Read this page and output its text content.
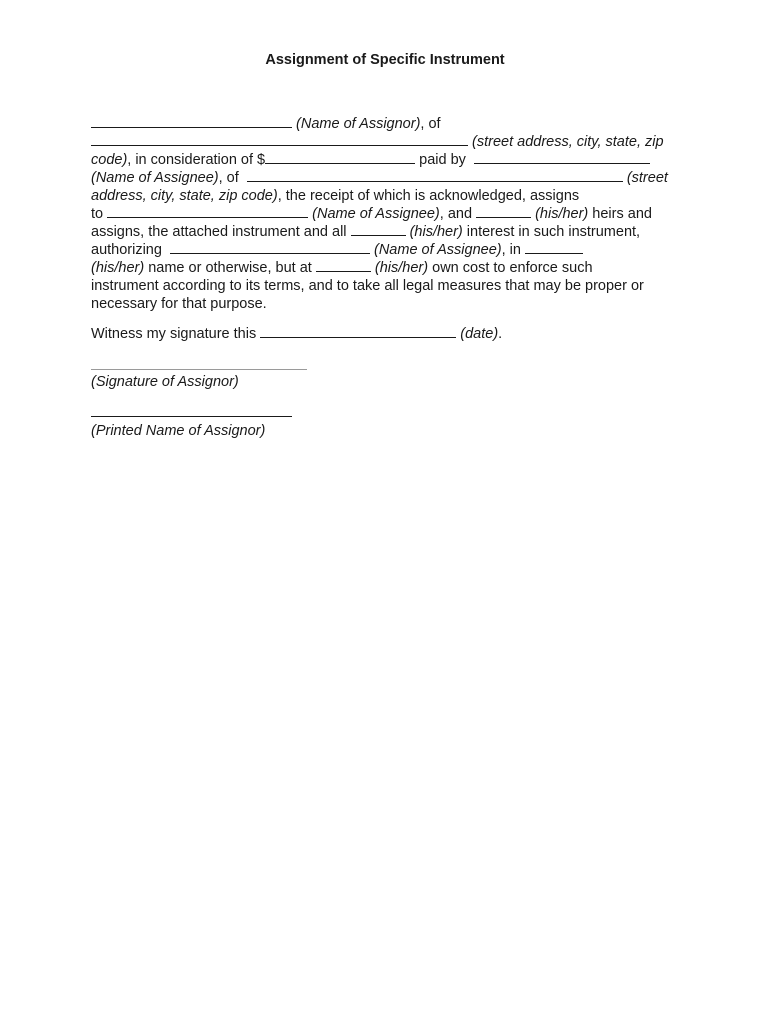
Assignment of Specific Instrument
(Name of Assignor), of
(street address, city, state, zip
code), in consideration of $	paid by
(Name of Assignee), of	(street
address, city, state, zip code), the receipt of which is acknowledged, assigns
to	(Name of Assignee), and	(his/her) heirs and
assigns, the attached instrument and all	(his/her) interest in such instrument,
authorizing	(Name of Assignee), in
(his/her) name or otherwise, but at	(his/her) own cost to enforce such
instrument according to its terms, and to take all legal measures that may be proper or
necessary for that purpose.
Witness my signature this	(date).
(Signature of Assignor)
(Printed Name of Assignor)
